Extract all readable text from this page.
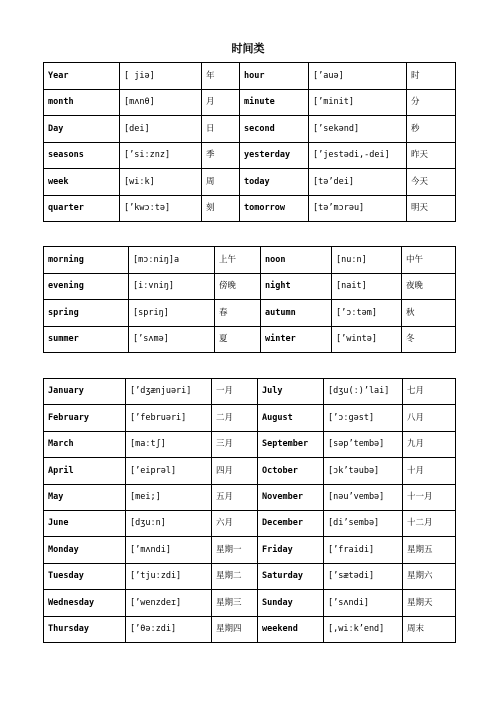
时间类
Year	[ jiə]	年	hour	[’auə]	时
month	[mʌnθ]	月	minute	[’minit]	分
Day	[dei]	日	second	[’sekənd]	秒
seasons	[’siːznz]	季	yesterday	[’jestədi,-dei]	昨天
week	[wiːk]	周	today	[tə’dei]	今天
quarter	[’kwɔːtə]	刻	tomorrow	[tə’mɔrəu]	明天
morning	[mɔːniŋ]a	上午	noon	[nuːn]	中午
evening	[iːvniŋ]	傍晚	night	[nait]	夜晚
spring	[spriŋ]	春	autumn	[’ɔːtəm]	秋
summer	[’sʌmə]	夏	winter	[’wintə]	冬
January	[’dʒænjuəri]	一月	July	[dʒu(ː)’lai]	七月
February	[’februəri]	二月	August	[’ɔːgəst]	八月
March	[maːtʃ]	三月	September	[səp’tembə]	九月
April	[’eiprəl]	四月	October	[ɔk’təubə]	十月
May	[mei;]	五月	November	[nəu’vembə]	十一月
June	[dʒuːn]	六月	December	[di’sembə]	十二月
Monday	[’mʌndi]	星期一	Friday	[’fraidi]	星期五
Tuesday	[’tjuːzdi]	星期二	Saturday	[’sætədi]	星期六
Wednesday	[’wenzdeɪ]	星期三	Sunday	[’sʌndi]	星期天
Thursday	[’θəːzdi]	星期四	weekend	[,wiːk’end]	周末
